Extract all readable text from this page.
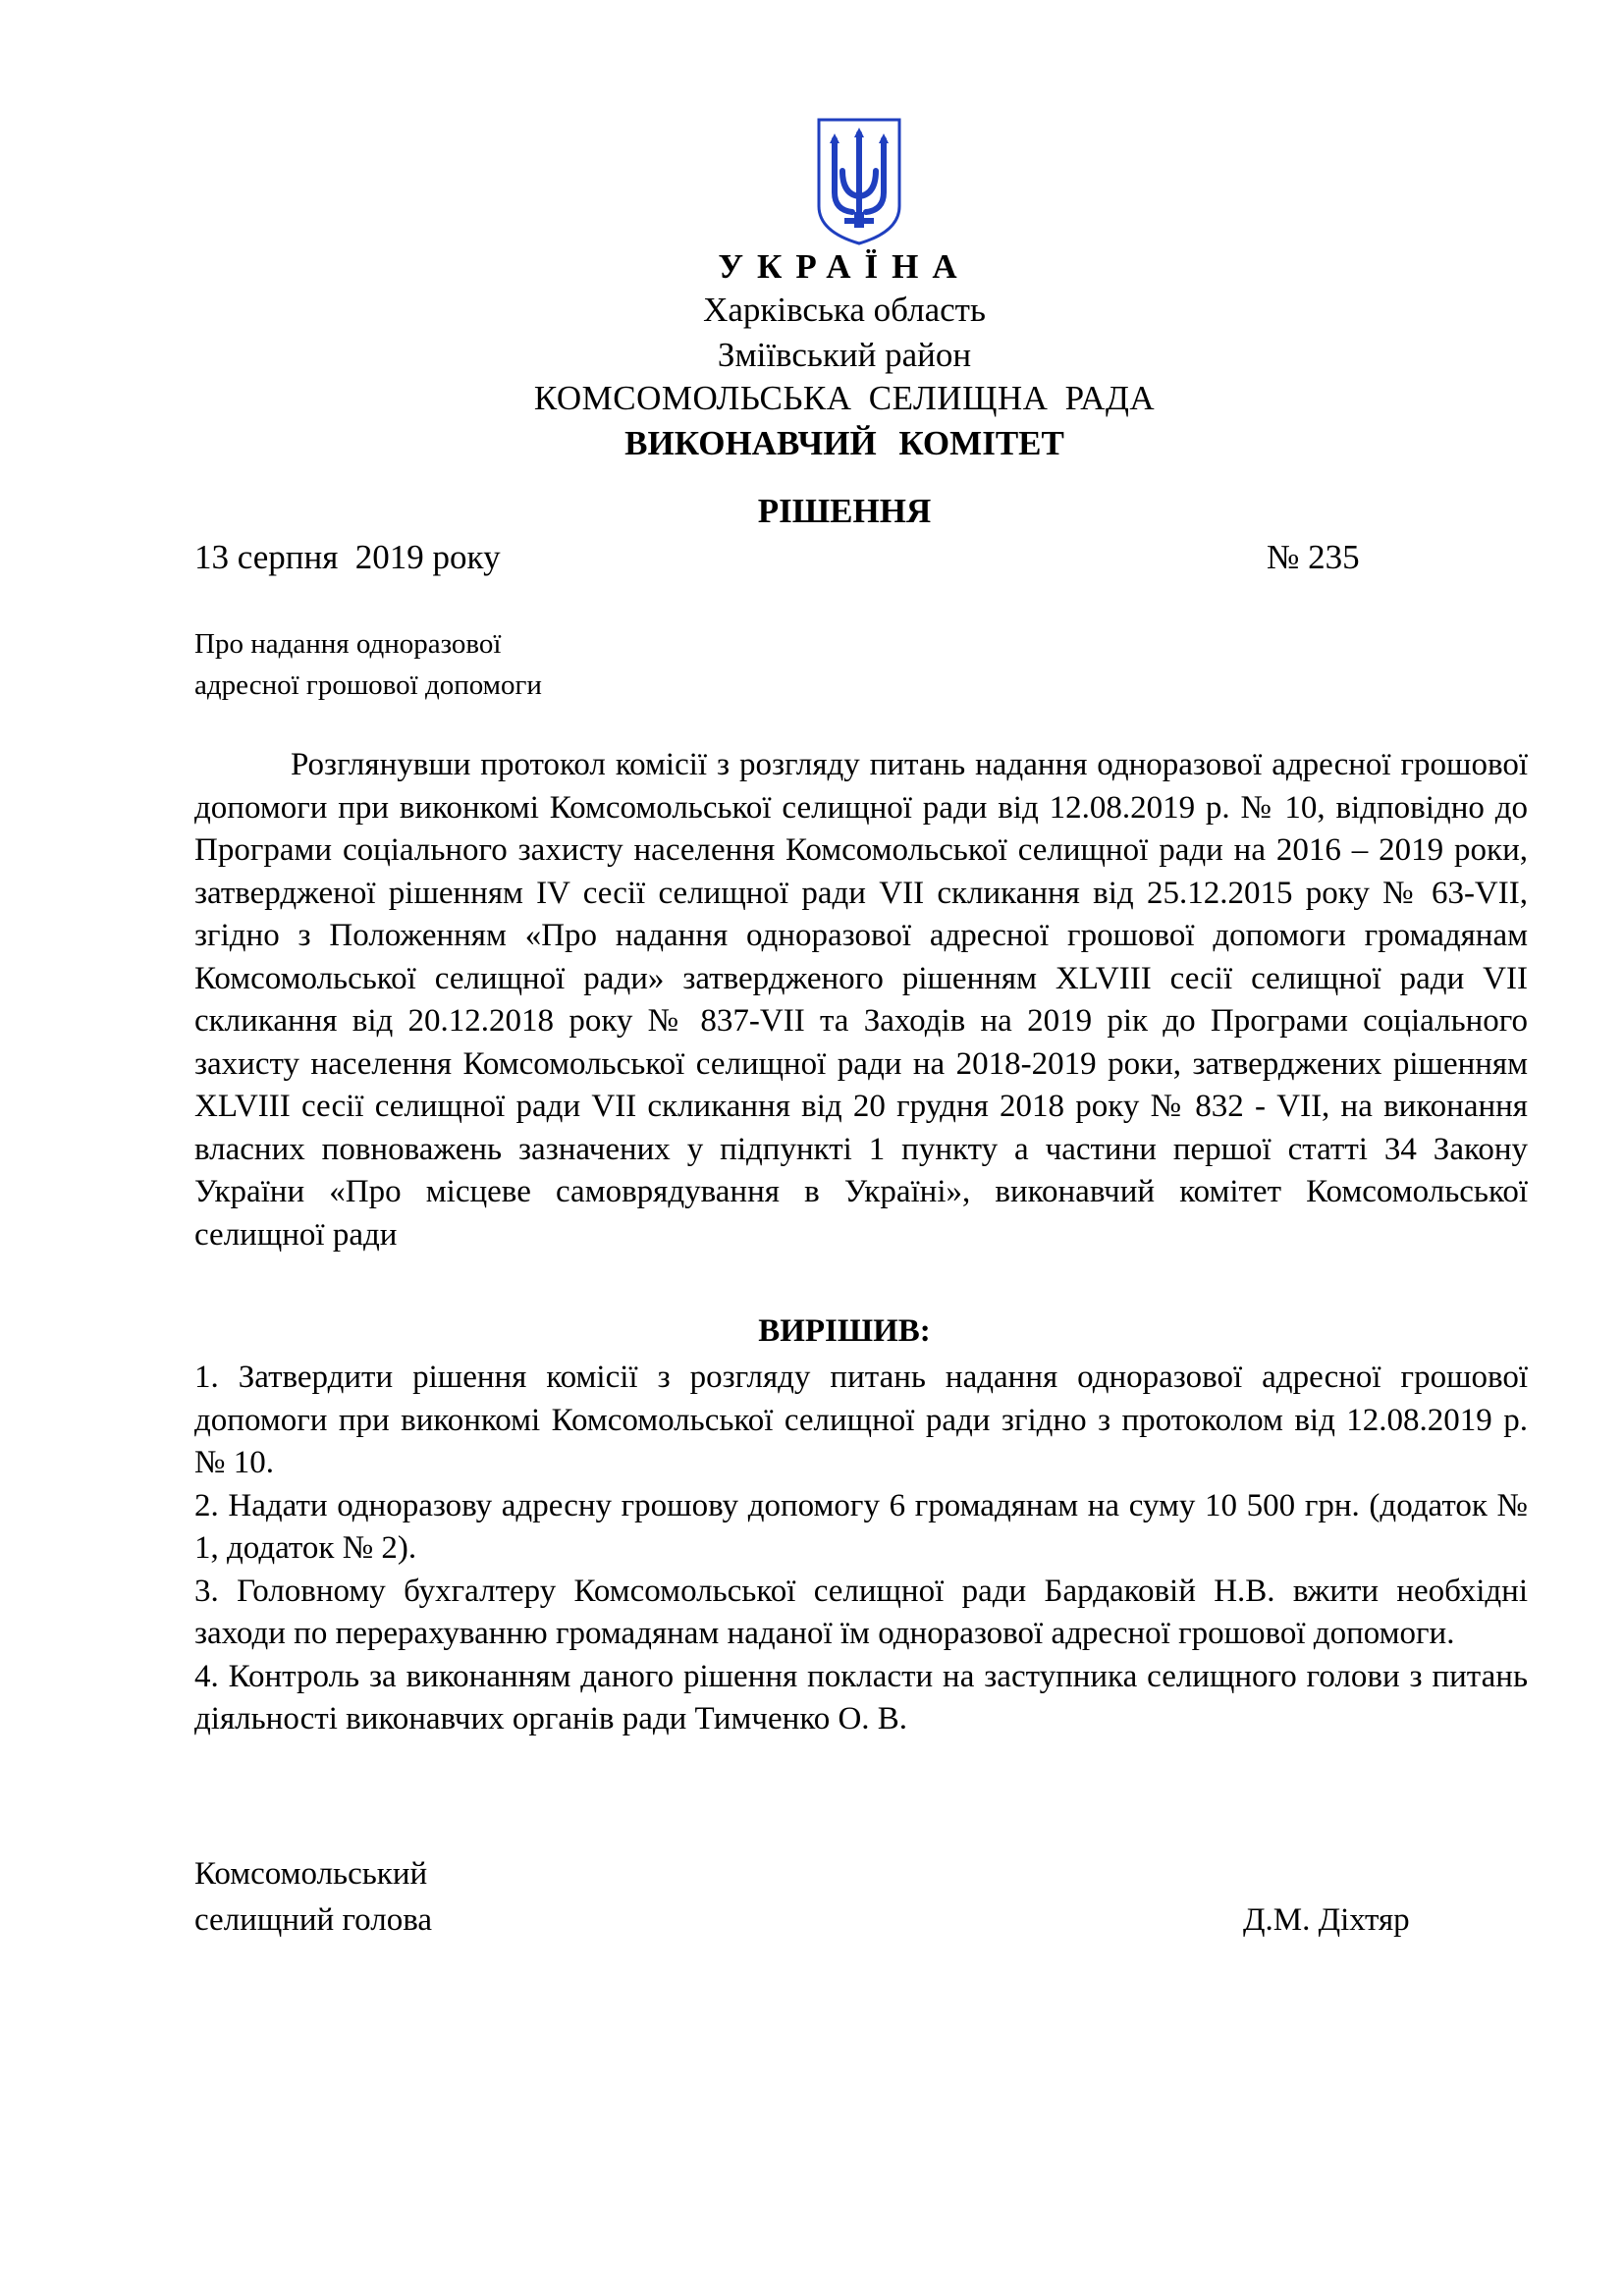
УКРАЇНА
Харківська область
Зміївський район
КОМСОМОЛЬСЬКА СЕЛИЩНА РАДА
ВИКОНАВЧИЙ КОМІТЕТ
РІШЕННЯ
13 серпня  2019 року	№ 235
Про надання одноразової
адресної грошової допомоги

Розглянувши протокол комісії з розгляду питань надання одноразової адресної грошової допомоги при виконкомі Комсомольської селищної ради від 12.08.2019 р. № 10, відповідно до Програми соціального захисту населення Комсомольської селищної ради на 2016 – 2019 роки, затвердженої рішенням IV сесії селищної ради VII скликання від 25.12.2015 року № 63-VII, згідно з Положенням «Про надання одноразової адресної грошової допомоги громадянам Комсомольської селищної ради» затвердженого рішенням XLVIII сесії селищної ради VII скликання від 20.12.2018 року № 837-VII та Заходів на 2019 рік до Програми соціального захисту населення Комсомольської селищної ради на 2018-2019 роки, затверджених рішенням XLVIII сесії селищної ради VII скликання від 20 грудня 2018 року № 832 - VII, на виконання власних повноважень зазначених у підпункті 1 пункту а частини першої статті 34 Закону України «Про місцеве самоврядування в Україні», виконавчий комітет Комсомольської селищної ради

ВИРІШИВ:

1. Затвердити рішення комісії з розгляду питань надання одноразової адресної грошової допомоги при виконкомі Комсомольської селищної ради згідно з протоколом від 12.08.2019 р. № 10.

2. Надати одноразову адресну грошову допомогу 6 громадянам на суму 10 500 грн. (додаток № 1, додаток № 2).

3. Головному бухгалтеру Комсомольської селищної ради Бардаковій Н.В. вжити необхідні заходи по перерахуванню громадянам наданої їм одноразової адресної грошової допомоги.

4. Контроль за виконанням даного рішення покласти на заступника селищного голови з питань діяльності виконавчих органів ради Тимченко О. В.

Комсомольський
селищний голова	Д.М. Діхтяр
